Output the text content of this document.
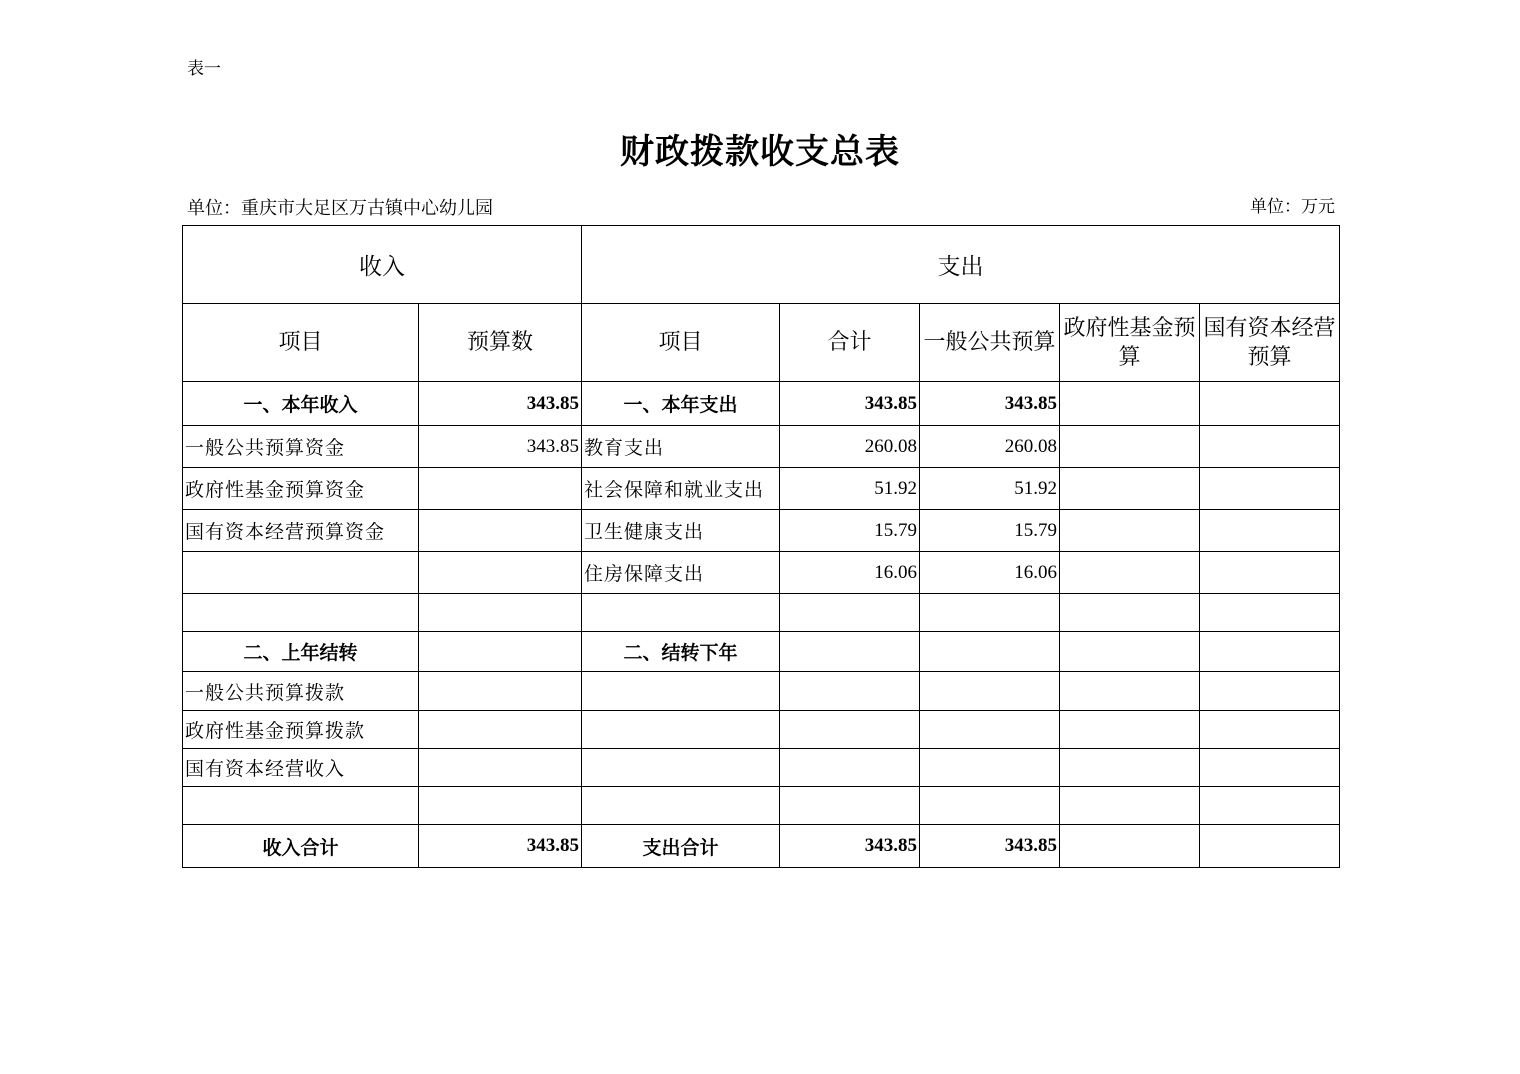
表一
财政拨款收支总表
单位：重庆市大足区万古镇中心幼儿园	单位：万元
收入		支出				
项目	预算数	项目	合计	一般公共预算	政府性基金预算	国有资本经营预算
一、本年收入	343.85	一、本年支出	343.85	343.85		
一般公共预算资金	343.85	教育支出	260.08	260.08		
政府性基金预算资金		社会保障和就业支出	51.92	51.92		
国有资本经营预算资金		卫生健康支出	15.79	15.79		
		住房保障支出	16.06	16.06		

二、上年结转		二、结转下年				
一般公共预算拨款						
政府性基金预算拨款						
国有资本经营收入						

收入合计	343.85	支出合计	343.85	343.85		
